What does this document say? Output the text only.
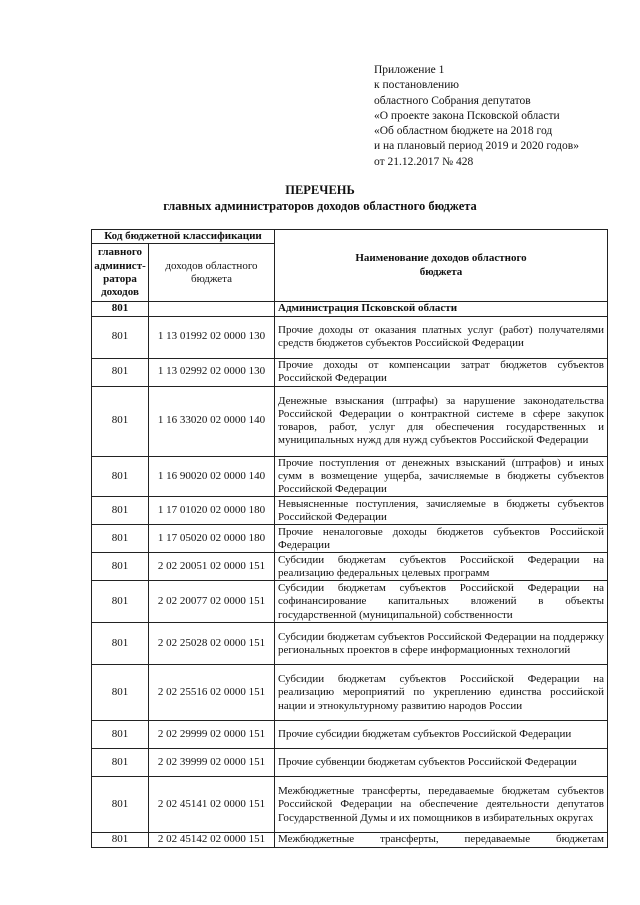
Приложение 1
к постановлению
областного Собрания депутатов
«О проекте закона Псковской области
«Об областном бюджете на 2018 год
и на плановый период 2019 и 2020 годов»
от 21.12.2017 № 428
ПЕРЕЧЕНЬ
главных администраторов доходов областного бюджета
Код бюджетной классификации		Наименование доходов областного бюджета
главного админист-ратора доходов	доходов областного бюджета	
801		Администрация Псковской области
801	1 13 01992 02 0000 130	Прочие доходы от оказания платных услуг (работ) получателями средств бюджетов субъектов Российской Федерации
801	1 13 02992 02 0000 130	Прочие доходы от компенсации затрат бюджетов субъектов Российской Федерации
801	1 16 33020 02 0000 140	Денежные взыскания (штрафы) за нарушение законодательства Российской Федерации о контрактной системе в сфере закупок товаров, работ, услуг для обеспечения государственных и муниципальных нужд для нужд субъектов Российской Федерации
801	1 16 90020 02 0000 140	Прочие поступления от денежных взысканий (штрафов) и иных сумм в возмещение ущерба, зачисляемые в бюджеты субъектов Российской Федерации
801	1 17 01020 02 0000 180	Невыясненные поступления, зачисляемые в бюджеты субъектов Российской Федерации
801	1 17 05020 02 0000 180	Прочие неналоговые доходы бюджетов субъектов Российской Федерации
801	2 02 20051 02 0000 151	Субсидии бюджетам субъектов Российской Федерации на реализацию федеральных целевых программ
801	2 02 20077 02 0000 151	Субсидии бюджетам субъектов Российской Федерации на софинансирование капитальных вложений в объекты государственной (муниципальной) собственности
801	2 02 25028 02 0000 151	Субсидии бюджетам субъектов Российской Федерации на поддержку региональных проектов в сфере информационных технологий
801	2 02 25516 02 0000 151	Субсидии бюджетам субъектов Российской Федерации на реализацию мероприятий по укреплению единства российской нации и этнокультурному развитию народов России
801	2 02 29999 02 0000 151	Прочие субсидии бюджетам субъектов Российской Федерации
801	2 02 39999 02 0000 151	Прочие субвенции бюджетам субъектов Российской Федерации
801	2 02 45141 02 0000 151	Межбюджетные трансферты, передаваемые бюджетам субъектов Российской Федерации на обеспечение деятельности депутатов Государственной Думы и их помощников в избирательных округах
801	2 02 45142 02 0000 151	Межбюджетные трансферты, передаваемые бюджетам
